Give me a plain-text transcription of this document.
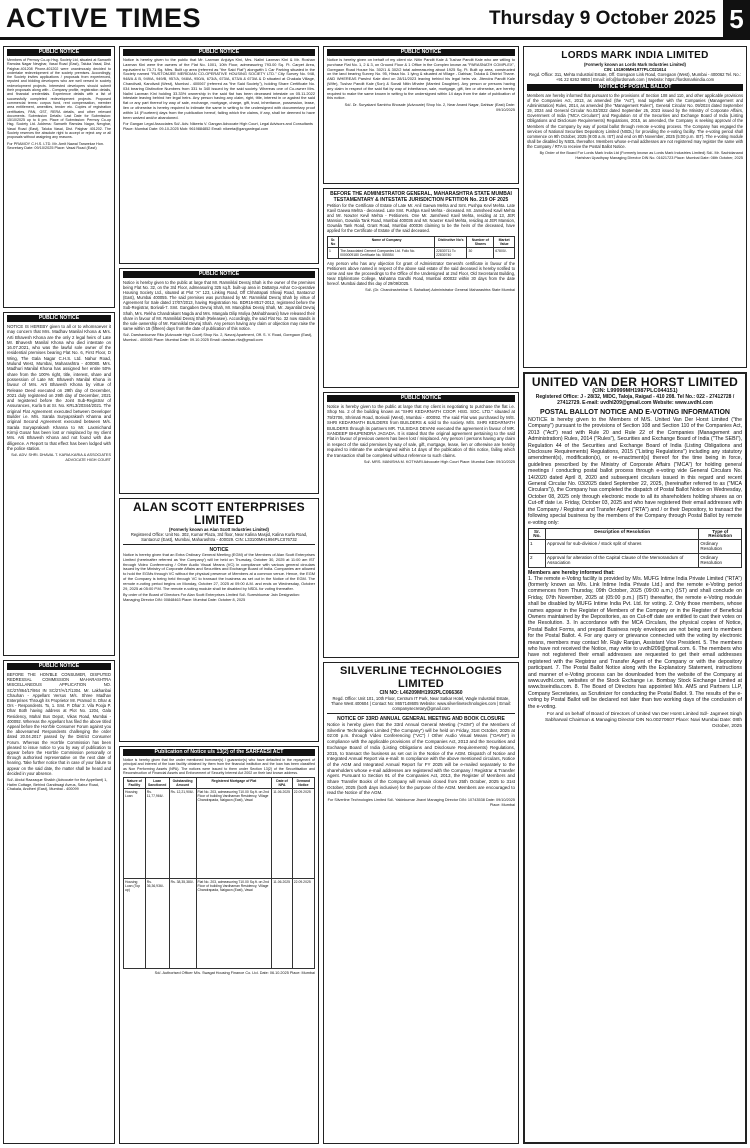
ACTIVE TIMES	Thursday 9 October 2025 5
PUBLIC NOTICE
Members of Permoy Co-op Hsg. Society Ltd, situated at Samarth Ramdas Nagar Nevghar, Vasai Road (East), Taluka Vasai, Dist. Palghar-401208 Phone-401202 were unanimously decided to undertake redevelopment of the society premises. Accordingly, the Society invites applications / proposals from experienced, reputed and bidding developers who are well versed in society redevelopment projects. Interested developers should submit their proposals along with - Company profile, registration details, and financial credentials. Experience details with a list of successfully completed redevelopment projects. Proposed commercial terms: corpus fund, rent compensation, member area entitlement, amenities, tender etc. Copies of registration certificates, PAN, GST, RERA details, and other relevant documents. Submission Details: Last Date for Submission: 15/10/2025 up to 6 pm. Place of Submission: Permoy Co-op Hsg. Society Ltd. Address: Samarth Ramdas Nagar, Nevghar, Vasai Road (East), Taluka Vasai, Dist. Palghar 401202. The Society reserves the absolute right to accept or reject any or all proposals without assigning any reasons.
For PRAMOY C.H.S. LTD. Mr. Amit Nawal Tanwekar Hon. Secretary Date: 09/10/2025 Place: Vasai Road (East)
PUBLIC NOTICE
NOTICE IS HEREBY given to all or to whomsoever it may concern that Mrs. Madhav Manilal Khona & Mrs. Arti Bhavesh Khona are the only 2 legal heirs of Late Mr. Bhavesh Manilal Khona who died intestate on 16.07.2021, who was the lawful sole owner of the residential premises bearing Flat No. 6, First Floor, D Wing, The Gala Nagar C.H.S. Ltd. Nahur Road, Mulund West, Mumbai, Maharashtra - 400080. Mrs. Madhuri Manilal Khona has assigned her entire 50% share from the 100% right, title, interest, share and possession of Late Mr. Bhavesh Manilal Khona in favour of Mrs. Arti Bhavesh Khona by virtue of Release Deed executed on 29th day of December, 2021 duly registered on 29th day of December, 2021 and registered before the Joint Sub-Registrar of Assurances, Kurla 5 at Sr. No. KRL3/20344/2021. The original Flat Agreement executed between Developer Builder i.e. M/s. Sarala Suryaprakash Khanna and original Second Agreement executed between M/s. Sarala Suryaprakash Khanna to Mr. Laxmichand Kirmji Gosar has been lost or misplaced by my client Mrs. Arti Bhavesh Khona and not found with due diligence. A Report to that effect has been lodged with the police station.
Sd/- ADV. SHRI. DHAVAL T. KARIA KARIA & ASSOCIATES ADVOCATE HIGH COURT
PUBLIC NOTICE
BEFORE THE HON'BLE CONSUMER, DISPUTED REDRESSAL COMMISSION MAHARASHTRA MISCELLANEOUS APPLICATION NO. SC/27/864/17/864 IN SC/27/A/17/1304. Mr. Lakhanbai Chauhan - Appellant Versus M/s. Shree Madhav Enterprises Through its Proprietor Mr. Pramod S. Dhar & Ors - Respondents. To, 1. Smt. P. Dhar 2. Vila Pooja P. Dhar Both having address at Plot No. 1204, Gala Residency, Mahal Bus Depot, Vikas Road, Mumbai - 400092. Whereas the Appellant has filed the above titled Appeal before the Hon'ble Consumer Forum against you the abovenamed Respondents challenging the order dated 20.04.2017 passed by the District Consumer Forum. Whereas the Hon'ble Commission has been pleased to issue notice to you by way of publication to appear before the Hon'ble Commission personally or through authorised representative on the next date of hearing. Take further notice that in case of your failure to appear on the said date, the matter shall be heard and decided in your absence.
Sd/- Abdul Razzaque Shaikh (Advocate for the Appellant) 1, Hatim Cottage, Behind Gandiwagi Aveus, Sabur Road, Chakala, Andheri (East), Mumbai - 400099
PUBLIC NOTICE
Notice is hereby given to the public that Mr. Laxman Anjulya Kini, Mrs. Nalini Laxman Kini & Mr. Roshan Laxman Kini were the owners of the Flat No. 1001, 10th Floor, admeasuring 793.00 Sq. Ft. Carpet Area, equivalent to 73.71 Sq. Mtrs. Built up area (referred as "the Said Flat") alongwith 1 Car Parking situated in the Society named "RUSTOMJEE MERIDIAN CO-OPERATIVE HOUSING SOCIETY LTD." City Survey No. 948, 948/A & B, 949/A, 949/B, 957/A, 948/A, 950/A, 673/A, 673/A, 673/A & 673/A & D situated at Chakala Village, Chandivali, Kandivali (West), Mumbai - 400067 (referred as "the Said Society"), holding Share Certificate No. 034 bearing Distinctive Numbers from 331 to 340 issued by the said society. Whereas one of Co-owner Mrs. Nalini Laxman Kini holding 33.33% ownership in the said flat has been deceased intestate on 05.11.2022 intestate leaving behind her legal heirs. Any person having any claim, right, title, interest in or against the said flat or any part thereof by way of sale, exchange, mortgage, charge, gift, trust, inheritance, possession, lease, lien or otherwise is hereby required to intimate the same in writing to the undersigned with documentary proof within 14 (Fourteen) days from the publication hereof, failing which the claims, if any, shall be deemed to have been waived and/or abandoned.
For Gangan Legal Associates Sd/- Adv. Nikeeta V. Gangan Advocate High Court, Legal Advisors and Consultants Place: Mumbai Date: 09-10-2025 Mob: 9619884852 Email: nikeeta@ganganlegal.com
PUBLIC NOTICE
Notice is hereby given to the public at large that Mr. Ramniklal Devraj Shah is the owner of the premises being Flat No. 32, on the 3rd Floor, admeasuring 325 sq.ft. built-up area in Dattatrya Ashar Co-operative Housing Society Ltd., situated at Plot "A" 123, Linking Road, Off Chhatrapati Shivaji Road, Santacruz (East), Mumbai 400055. The said premises was purchased by Mr. Ramniklal Devraj Shah by virtue of Agreement for Sale dated 17/07/2013, having Registration No. BDR16-8517-2012, registered before the Sub-Registrar, Borivali-7. Smt. Gangaben Devraj Shah, Mr. Manojbhai Devraj Shah, Mr. Jayantilal Devraj Shah, Mrs. Rekha Chandrakant Nagda and Mrs. Mangala Dilip Moliya (Mahabhavani) have released their share in favour of Mr. Ramniklal Devraj Shah (Releasee). Accordingly, the said Flat No. 32 now stands in the sole ownership of Mr. Ramniklal Devraj Shah. Any person having any claim or objection may raise the same within 15 (fifteen) days from the date of publication of this notice.
Sd/- Darshankumar Rita (Advocate High Court) Shop No. 2, Navraj Apartment, Off. S. V. Road, Goregaon (East), Mumbai - 400065 Place: Mumbai Date: 09.10.2025 Email: darshan.rita@gmail.com
ALAN SCOTT ENTERPRISES LIMITED
(Formerly known as Alan Scott Industries Limited)
Registered Office: Unit No. 302, Kumar Plaza, 3rd floor, Near Kalina Masjid, Kalina Kurla Road, Santacruz (East), Mumbai, Maharashtra - 400029. CIN: L33100MH1994PLC076732
NOTICE
Notice is hereby given that an Extra Ordinary General Meeting (EGM) of the Members of Alan Scott Enterprises Limited (hereinafter referred as 'the Company') will be held on Thursday, October 30, 2025 at 11:00 am IST through Video Conferencing / Other Audio Visual Means (VC) in compliance with various general circulars issued by the Ministry of Corporate Affairs and Securities and Exchange Board of India. Companies are allowed to hold the EGMs through VC without the physical presence of Members at a common venue. Hence, the EGM of the Company is being held through VC to transact the business as set out in the Notice of the EGM. The remote e-voting period begins on Monday, October 27, 2025 at 09:00 A.M. and ends on Wednesday, October 29, 2025 at 05:00 P.M. The remote e-voting module shall be disabled by NSDL for voting thereafter.
By order of the Board of Directors For Alan Scott Enterprises Limited Sd/- Sureshkumar Jain Designation: Managing Director DIN: 00848463 Place: Mumbai Date: October 8, 2025
Publication of Notice u/s 13(2) of the SARFAESI ACT
Notice is hereby given that the under mentioned borrower(s) / guarantor(s) who have defaulted in the repayment of principal and interest of the loan facility obtained by them from the financial institution and the loan has been classified as Non Performing Assets (NPA). The notices were issued to them under Section 13(2) of the Securitisation and Reconstruction of Financial Assets and Enforcement of Security Interest Act 2002 on their last known address.
Nature of Facility	Loan Sanctioned	Outstanding Amount	Registered Mortgage of Flat	Date of NPA	Demand Notice
Housing Loan	Rs. 11,77,966/-	Rs. 12,21,906/-	Flat No. 203, admeasuring 710.00 Sq.ft. on 2nd Floor of building Vardhaman Residency, Village Chandrapada, Naigaon (East), Vasai	11.06.2025	22.09.2025
Housing Loan (Top up)	Rs. 36,36,936/-	Rs. 38,35,380/-	Flat No. 203, admeasuring 710.00 Sq.ft. on 2nd Floor of building Vardhaman Residency, Village Chandrapada, Naigaon (East), Vasai	11.06.2025	22.09.2025
Sd/- Authorised Officer M/s. Swagat Housing Finance Co. Ltd. Date: 06.10.2025 Place: Mumbai
PUBLIC NOTICE
Notice is hereby given on behalf of my client viz. Nitin Pandit Kale & Tushar Pandit Kale who are willing to purchase Flat No. 1, 2 & 3, on Ground Floor & 1 Office in the Complex known as "PARASNATH COMPLEX", Goregaon Road House No. 302/1 & 302/2 total admeasuring about 1925 Sq. Ft. Built up area, constructed on the land bearing Survey No. 95, Hissa No. 1 lying & situated at Village - Dahisar, Taluka & District Thane. AND WHEREAS Parshvi Kale died on 28/11/2023 leaving behind his legal heirs viz. Jitendra Pandit Kale (Wife), Tushar Pandit Kale (Son) & Sonali Nitin Mhatre (Married Daughter). Any person or persons having any claim in respect of the said flat by way of inheritance, sale, mortgage, gift, lien or otherwise, are hereby required to make the same known in writing to the undersigned within 14 days from the date of publication of this notice.
Sd/- Dr. Suryakant Sambhu Bhosale (Advocate) Shop No. 2, Near Anand Nagar, Dahisar (East) Date: 09/10/2025
BEFORE THE ADMINISTRATOR GENERAL, MAHARASHTRA STATE MUMBAI TESTAMENTARY & INTESTATE JURISDICTION PETITION No. 219 OF 2025
Petition for the Certificate of Estate of Late Mr. Anil Gaewa Mehta and Smt. Pushpa Kevl Mehta. Late Kavil Gaewa Mehta - deceased. Late Smt. Pushpa Kavil Mehta - deceased. Mr. Jamsheed Kavil Mehta and Mr. Nowzer Kevil Mehta - Petitioners. One Mr. Jamsheed Kavil Mehta, residing at 13, JER Mansion, Gowalia Tank Road, Mumbai 400036 and Mr. Nowzer Kavil Mehta, residing at JER Mansion, Gowalia Tank Road, Grant Road, Mumbai 400036 claiming to be the heirs of the deceased, have applied for the Certificate of Estate of the said deceased.
Sr. No	Name of Company	Distinctive No's	Number of Shares	Market Value
1	The Associated Cement Companies Ltd. Folio No. 0000009180 Certificate No. 555554	22830711 To 22830740	30	67800/-
Any person who has any objection for grant of Administrator General's certificate in favour of the Petitioners above named in respect of the above said estate of the said deceased is hereby notified to come and see the proceedings to the Office of the Undersigned at 2nd Floor, Old Secretariat Building, Near Elphinstone College, Mahatma Gandhi Road, Mumbai 400032 within 30 days from the date hereof. Mumbai dated this day of 29/09/2025.
Sd/- (Dr. Chandrashekhar S. Bahalkar) Administrator General Maharashtra State Mumbai
PUBLIC NOTICE
Notice is hereby given to the public at large that my client is negotiating to purchase the flat i.e. Shop No. 2 of the building known as "SHRI KEDARNATH COOP. HSG. SOC. LTD." situated at 79/3706, Shrimati Road, Borivali (West), Mumbai - 400092. The said Flat was purchased by M/S. SHRI KEDARNATH BUILDERS from BUILDERS & sold to the society. M/S. SHRI KEDARNATH BUILDERS through its partners MR. TULSIDAS DEVANI executed the agreement in favour of MR. SANDEEP BHUPENDRA JAGADA. It is stated that the original agreement pertaining to the said Flat in favour of previous owners has been lost / misplaced. Any person / persons having any claim in respect of the said premises by way of sale, gift, mortgage, lease, lien or otherwise are hereby required to intimate the undersigned within 14 days of the publication of this notice, failing which the transaction shall be completed without reference to such claims.
Sd/- MRS. MANISHA M. KOTHARI Advocate High Court Place: Mumbai Date: 09/10/2025
SILVERLINE TECHNOLOGIES LIMITED
CIN NO: L46209MH1992PLC066360
Regd. Office: Unit 101, 10th Floor, Centrum IT Park, Near Satkar Hotel, Wagle Industrial Estate, Thane West 400604 | Contact No: 8657148605 Website: www.silverlinetechnologies.com | Email: companysecretary@gmail.com
NOTICE OF 33RD ANNUAL GENERAL MEETING AND BOOK CLOSURE
Notice is hereby given that the 33rd Annual General Meeting ("AGM") of the Members of Silverline Technologies Limited ("the Company") will be held on Friday, 31st October, 2025 at 02:00 p.m. through Video Conferencing ("VC") / Other Audio Visual Means ("OAVM") in compliance with the applicable provisions of the Companies Act, 2013 and the Securities and Exchange Board of India (Listing Obligations and Disclosure Requirements) Regulations, 2015, to transact the business as set out in the Notice of the AGM. Dispatch of Notice and Integrated Annual Report via e-mail: In compliance with the above mentioned circulars, Notice of the AGM and Integrated Annual Report for FY 2025 will be e-mailed separately to the shareholders whose e-mail addresses are registered with the Company / Registrar & Transfer Agent. Pursuant to Section 91 of the Companies Act, 2013, the Register of Members and Share Transfer Books of the Company will remain closed from 25th October, 2025 to 31st October, 2025 (both days inclusive) for the purpose of the AGM. Members are encouraged to read the Notice of the AGM.
For Silverline Technologies Limited Sd/- Yakinkumar Jhavri Managing Director DIN: 10743538 Date: 09/10/2025 Place: Mumbai
LORDS MARK INDIA LIMITED
(Formerly known as Lords Mark Industries Limited)
CIN: L51909MH1977PLC021614
Regd. Office: 311, Mehta Industrial Estate, Off. Goregaon Link Road, Goregaon (West), Mumbai - 400062 Tel. No.: +91 22 6262 9893 | Email: info@lordsmark.com | Website: https://lordsmarkindia.com
NOTICE OF POSTAL BALLOT
Members are hereby informed that pursuant to the provisions of Section 108 and 110, and other applicable provisions of the Companies Act, 2013, as amended (the "Act"), read together with the Companies (Management and Administration) Rules, 2014, as amended (the "Management Rules"), General Circular No. 09/2024 dated September 19, 2024 and General Circular No.03/2022 dated September 25, 2023 issued by the Ministry of Corporate Affairs, Government of India ("MCA Circulars") and Regulation 44 of the Securities and Exchange Board of India (Listing Obligations and Disclosure Requirements) Regulations, 2015, as amended, the Company is seeking approval of the Members of the Company by way of postal ballot through remote e-voting process. The Company has engaged the services of National Securities Depository Limited (NSDL) for providing the e-voting facility. The e-voting period shall commence on 9th October, 2025 (9:00 a.m. IST) and end on 8th November, 2025 (5:00 p.m. IST). The e-voting module shall be disabled by NSDL thereafter. Members whose e-mail addresses are not registered may register the same with the Company / RTA to receive the Postal Ballot Notice.
By Order of the Board For Lords Mark India Ltd (Formerly known as Lords Mark Industries Limited) Sd/- Mr. Sachidanand Harishan Upadhyay Managing Director DIN No. 01621723 Place: Mumbai Date: 08th October, 2025
UNITED VAN DER HORST LIMITED
(CIN: L99999MH1987PLC044151)
Registered Office: J - 28/32, MIDC, Taloja, Raigad - 410 208. Tel No.: 022 - 27412728 / 27412729. E-mail: uvdhl209@gmail.com Website: www.uvdhl.com
POSTAL BALLOT NOTICE AND E-VOTING INFORMATION
NOTICE is hereby given to the Members of M/S. United Van Der Horst Limited ("the Company") pursuant to the provisions of Section 108 and Section 110 of the Companies Act, 2013 ("Act") read with Rule 20 and Rule 22 of the Companies (Management and Administration) Rules, 2014 ("Rules"), Securities and Exchange Board of India ("The SEBI"), Regulation 44 of the Securities and Exchange Board of India (Listing Obligations and Disclosure Requirements) Regulations, 2015 ("Listing Regulations") including any statutory amendment(s), modification(s), or re-enactment(s) thereof for the time being in force, guidelines prescribed by the Ministry of Corporate Affairs ("MCA") for holding general meetings / conducting postal ballot process through e-voting vide General Circulars No. 14/2020 dated April 8, 2020 and subsequent circulars issued in this regard and recent General Circular No. 03/2025 dated September 22, 2025, (hereinafter referred to as ("MCA Circulars")), the Company has completed the dispatch of Postal Ballot Notice on Wednesday, October 08, 2025 only through electronic mode to all its shareholders holding shares as on Cut-off date i.e. Friday, October 03, 2025 and who have registered their email addresses with the Company / Registrar and Transfer Agent ("RTA") and / or their Depository, to transact the following special business by the members of the Company through Postal Ballot by remote e-voting only:
Sr. No.	Description of Resolution	Type of Resolution
1	Approval for sub-division / stock split of shares	Ordinary Resolution
2	Approval for alteration of the Capital Clause of the Memorandum of Association	Ordinary Resolution
Members are hereby informed that:
1. The remote e-Voting facility is provided by M/s. MUFG Intime India Private Limited ("RTA") (formerly known as M/s. Link Intime India Private Ltd.) and the remote e-Voting period commences from Thursday, 09th October, 2025 (09:00 a.m.) (IST) and shall conclude on Friday, 07th November, 2025 at (05:00 p.m.) (IST) thereafter, the remote e-Voting module shall be disabled by MUFG Intime India Pvt. Ltd. for voting. 2. Only those members, whose names appear in the Register of Members of the Company or in the Register of Beneficial Owners maintained by the Depositories, as on Cut-off date are entitled to cast their votes on the Resolution. 3. In accordance with the MCA Circulars, the physical copies of Notice, Postal Ballot Forms, and prepaid Business reply envelopes are not being sent to members for the Postal Ballot. 4. For any query or grievance connected with the voting by electronic means, members may contact Mr. Rajiv Ranjan, Assistant Vice President. 5. The members who have not received the Notice, may write to uvdhl209@gmail.com. 6. The members who have not registered their email addresses are requested to get their email addresses registered with the Registrar and Transfer Agent of the Company or with the depository participant. 7. The Postal Ballot Notice along with the Explanatory Statement, instructions and manner of e-Voting process can be downloaded from the website of the Company at www.uvdhl.com, websites of the Stock Exchange i.e. Bombay Stock Exchange Limited at www.bseindia.com. 8. The Board of Directors has appointed M/s. AMS and Partners LLP, Company Secretaries, as Scrutinizer for conducting the Postal Ballot. 9. The results of the e-voting by Postal Ballot will be declared not later than two working days of the conclusion of the e-voting.
For and on behalf of Board of Directors of United Van Der Horst Limited Sd/- Jagmeet Singh Sabharwal Chairman & Managing Director DIN No.00270607 Place: Navi Mumbai Date: 08th October, 2025
